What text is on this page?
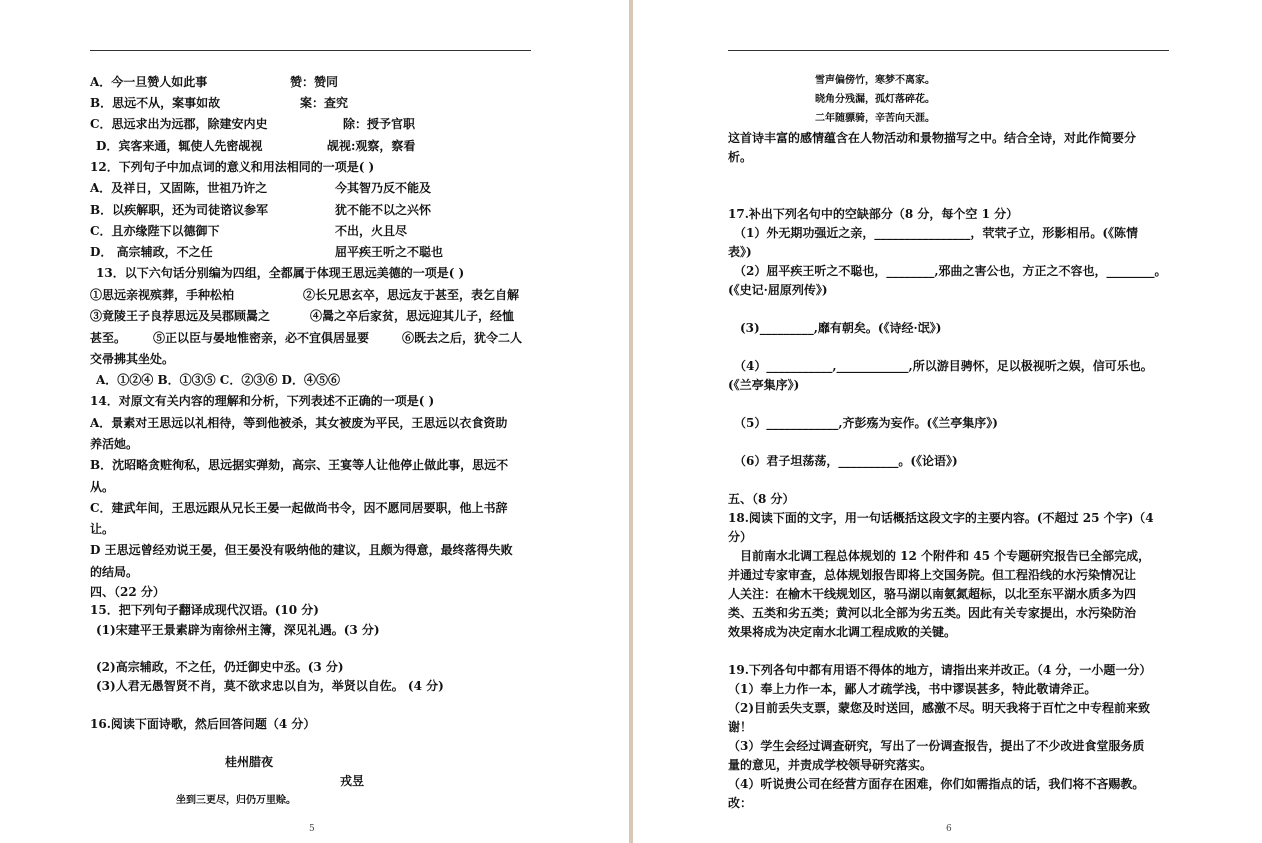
A．今一旦赞人如此事	赞：赞同
B．思远不从，案事如故	案：查究
C．思远求出为远郡，除建安内史	除：授予官职
D．宾客来通，辄使人先密觇视	觇视:观察，察看
12．下列句子中加点词的意义和用法相同的一项是( )
A．及祥日，又固陈，世祖乃许之	今其智乃反不能及
B．以疾解职，还为司徒谘议参军	犹不能不以之兴怀
C．且亦缘陛下以德御下	不出，火且尽
D． 高宗辅政，不之任	屈平疾王听之不聪也
13．以下六句话分别编为四组，全都属于体现王思远美德的一项是( )
①思远亲视殡葬，手种松柏	②长兄思玄卒，思远友于甚至，表乞自解
③竟陵王子良荐思远及吴郡顾暠之	④暠之卒后家贫，思远迎其儿子，经恤
甚至。 ⑤正以臣与晏地惟密亲，必不宜俱居显要	⑥既去之后，犹令二人
交帚拂其坐处。
A．①②④ B．①③⑤ C．②③⑥ D．④⑤⑥
14．对原文有关内容的理解和分析，下列表述不正确的一项是( )
A．景素对王思远以礼相待，等到他被杀，其女被废为平民，王思远以衣食资助
养活她。
B．沈昭略贪赃徇私，思远据实弹劾，高宗、王宴等人让他停止做此事，思远不
从。
C．建武年间，王思远跟从兄长王晏一起做尚书令，因不愿同居要职，他上书辞
让。
D 王思远曾经劝说王晏，但王晏没有吸纳他的建议，且颇为得意，最终落得失败
的结局。
四、（22 分）
15．把下列句子翻译成现代汉语。(10 分)
(1)宋建平王景素辟为南徐州主簿，深见礼遇。(3 分)
(2)高宗辅政，不之任，仍迁御史中丞。(3 分)
(3)人君无愚智贤不肖，莫不欲求忠以自为，举贤以自佐。 (4 分)
16.阅读下面诗歌，然后回答问题（4 分）
桂州腊夜
戎昱
坐到三更尽，归仍万里赊。
5
雪声偏傍竹，寒梦不离家。
晓角分残漏，孤灯落碎花。
二年随骠骑，辛苦向天涯。
这首诗丰富的感情蕴含在人物活动和景物描写之中。结合全诗，对此作简要分
析。
17.补出下列名句中的空缺部分（8 分，每个空 1 分）
（1）外无期功强近之亲，________________，茕茕孑立，形影相吊。(《陈情
表》)
（2）屈平疾王听之不聪也，________,邪曲之害公也，方正之不容也，________。
(《史记·屈原列传》)
(3)_________,靡有朝矣。(《诗经·氓》)
（4）___________,____________,所以游目骋怀，足以极视听之娱，信可乐也。
(《兰亭集序》)
（5）____________,齐彭殇为妄作。(《兰亭集序》)
（6）君子坦荡荡，__________。(《论语》)
五、（8 分）
18.阅读下面的文字，用一句话概括这段文字的主要内容。(不超过 25 个字)（4
分）
目前南水北调工程总体规划的 12 个附件和 45 个专题研究报告已全部完成，
并通过专家审查，总体规划报告即将上交国务院。但工程沿线的水污染情况让
人关注：在榆木干线规划区，骆马湖以南氨氮超标，以北至东平湖水质多为四
类、五类和劣五类；黄河以北全部为劣五类。因此有关专家提出，水污染防治
效果将成为决定南水北调工程成败的关键。
19.下列各句中都有用语不得体的地方，请指出来并改正。（4 分，一小题一分）
（1）奉上力作一本，鄙人才疏学浅，书中谬误甚多，特此敬请斧正。
（2)目前丢失支票，蒙您及时送回，感激不尽。明天我将于百忙之中专程前来致
谢！
（3）学生会经过调查研究，写出了一份调查报告，提出了不少改进食堂服务质
量的意见，并责成学校领导研究落实。
（4）听说贵公司在经营方面存在困难，你们如需指点的话，我们将不吝赐教。
改：
6
